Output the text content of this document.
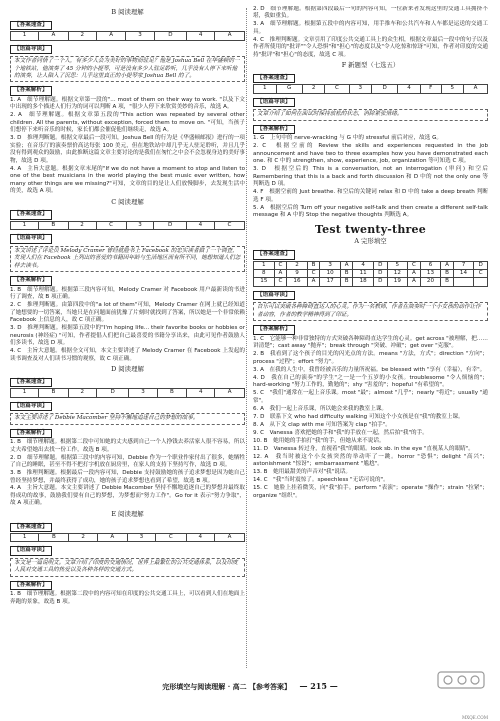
B 阅读理解
【答案速查】
1	A	2	A	3	D	4	A
【语篇导读】
本文作者同情了一个人，有多少人会为美好的事物而驻足？他是 Joshua Bell 在华盛顿的一个地铁站，他演奏了 45 分钟的小提琴，可是没有多少人驻足聆听，几乎没有人停下来听他的演奏，让人陷入了沉思：几乎这里真正的小提琴家 Joshua Bell 的了。
【答案解析】
1. A　细节理解题。根据文章第一段的"... most of them on their way to work. "以及下文中出现的多个描述人们行为的词可以判断 A 项，"很少人停下来欣赏美妙的音乐，故选 A。
2. A　细节理解题。根据文章第五段的"This action was repeated by several other children. All the parents, without exception, forced them to move on. "可知，当孩子们想停下来听音乐的时候，家长们都会催促他们继续走，故选 A。
3. D　推理判断题。根据文章最后一段可知，Joshua Bell 的行为是《华盛顿邮报》进行的一项实验；在音乐厅的演奏票价高达每张 100 美元，但在地铁站中却几乎无人驻足聆听，并且几乎没有得到观众的鼓励，由此推断这篇文章主要讨论的是我们在匆忙之中会不会忽视身边的美好事物，故选 D 项。
4. A　主旨大意题。根据文章末尾的"If we do not have a moment to stop and listen to one of the best musicians in the world playing the best music ever written, how many other things are we missing?"可知，文章的目的是让人们放慢脚步，去发现生活中的美，故选 A 项。
C 阅读理解
【答案速查】
1	B	2	C	3	D	4	C
【语篇导读】
本文讲述了评论员 Melody Cramer 曾经就脸书上 Facebook 的忠实读者做了一个调查，发现人们在 Facebook 上列出的喜爱的书籍因年龄与生活地区而有所不同，她想知道人们怎样去读书。
【答案解析】
1. B　细节理解题。根据第三段内容可知，Melody Cramer 对 Facebook 用户最新读的书进行了调查，故 B 项正确。
2. C　推理判断题。由第四段中的"a lot of them"可知，Melody Cramer 在网上就已经知道了她想要的一切答案，当她只是在问题面前犹豫了片刻时就找到了答案，所以她是一个非常依赖 Facebook 上信息的人，故 C 项正确。
3. D　推理判断题。根据第五段中的"I'm hoping life... their favorite books or hobbies or neurosis (神经症) "可知，作者提倡人们把自己最喜爱的书籍分享出来，由此可见作者鼓励人们多读书，故选 D 项。
4. C　主旨大意题。根据全文可知，本文主要讲述了 Melody Cramer 在 Facebook 上发起的读书调查及对人们读书习惯的观察，故 C 项正确。
D 阅读理解
【答案速查】
1	B	2	D	3	B	4	A
【语篇导读】
本文主要讲述了 Debbie Macomber 坚持不懈地追逐自己的梦想的故事。
【答案解析】
1. B　细节理解题。根据第二段中可知她的丈夫感到自己一个人挣钱去养活家人很不容易，所以丈夫希望她出去找一份工作，故选 B 项。
2. D　细节理解题。根据第三段中的内容可知，Debbie 作为一个职业作家付出了很多，她牺牲了自己的睡眠，甚至不得不把打字机放在厨房里，在家人的支持下坚持写作，故选 D 项。
3. B　推理判断题。根据最后一段内容可知，Debbie 支持鼓励她的孩子追求梦想是因为她自己曾经坚持梦想，并最终获得了成功，她的孩子追求梦想也看到了希望，故选 B 项。
4. A　主旨大意题。本文主要讲述了 Debbie Macomber 坚持不懈地追逐自己的梦想并最终取得成功的故事，鼓励我们要有自己的梦想，为梦想而"努力工作"。Go for it 表示"努力争取"，故 A 项正确。
E 阅读理解
【答案速查】
1	B	2	A	3	C	4	A
【语篇导读】
本文是一篇说明文。文章介绍了印度的交通情况，世界上最繁忙的公共交通体系，以及印度人民对交通工具的热爱以及各种各样的交通方式。
【答案解析】
1. B　细节理解题。根据第二段中的内容可知在印度的公共交通工具上，可以看到人们在地面上奔跑的景象，故选 B 项。
2. D　细节理解题。根据第四段最后一句的内容可知，一位新来者发现这里的交通工具拥挤不堪，我如重负。
3. A　细节理解题。根据第五段中的内容可知，用手推车和公共汽车和人车都是运送的交通工具。
4. C　推理判断题。文章引用了印度公共交通工具上的众生相，根据文章最后一段中的句子以及作者所使用的"批评""令人恐惧"和"担心"的态度以及"令人吃惊和惊讶"可知，作者对印度的交通持"批评"和"担心"的态度，故选 C 项。
F 新题型（七选五）
【答案速查】
1	G	2	C	3	D	4	F	5	A
【语篇导读】
文章介绍了如何在面试时保持放松的状态，消除紧张情绪。
【答案解析】
1. G　上句中的 nerve-wracking 与 G 中的 stressful 前后对应，故选 G。
2. C　根据空前的 Review the skills and experiences requested in the job announcement and have two to three examples how you have demonstrated each one. 和 C 中的 strengthen, show, experience, job, organization 等可知选 C 项。
3. D　根据空后的 This is a conversation, not an interrogation (审问) 和空后 Remembering that this is a back and forth discussion 和 D 中的 not the only one 等判断选 D 项。
4. F　根据空前的 Just breathe. 和空后的关键词 relax 和 D 中的 take a deep breath 判断选 F 项。
5. A　根据空后的 Turn off your negative self-talk and then create a different self-talk message 和 A 中的 Stop the negative thoughts 判断选 A。
Test twenty-three
A 完形填空
【答案速查】
1	C	2	B	3	A	4	D	5	C	6	A	7	D
8	A	9	C	10	B	11	D	12	A	13	B	14	C
15	C	16	A	17	B	18	D	19	A	20	B		
【语篇导读】
音乐可以突破各种障碍直达人的心灵。作为一名教师，作者在演奏时一个小女孩的动作让作者动容，作者的教学精神得到了印证。
【答案解析】
1. C　它能够一种非常独特的方式突破各种障碍直达学生的心灵。get across "被理解，把……讲清楚"；cast away "抛弃"；break through "突破、冲破"；get over "克服"。
2. B　我看到了这个孩子的目光的闪光点的方法。means "方法，方式"；direction "方向"；process "过程"；effort "努力"。
3. A　在我的人生中，我曾经被音乐的力量所祝福。be blessed with "享有（幸福），有幸"。
4. D　我在自己的演奏"的学生"之一是一个五岁的小女孩。troublesome "令人烦恼的"；hard-working "努力工作的，勤勉的"；shy "害羞的"；hopeful "有希望的"。
5. C　"我们"通常在一起上音乐课。most "最"；almost "几乎"；nearly "将近"；usually "通常"。
6. A　我们一起上音乐课，所以她会来我的教室上课。
7. D　联系下文 who had difficulty walking 可知这个小女孩是在"我"的教室上课。
8. A　从下文 clap with me 可知答案为 clap "拍手"。
9. C　Vanessa 喜欢把她的手和"我"的手放在一起，然后拍"我"的手。
10. B　她用她的手拍打"我"的手，但她从来不说话。
11. D　Vanessa 转过身，直视着"我"的眼睛。look sb. in the eye "直视某人的眼睛"。
12. A　我当时被这个小女孩突然的举动吓了一跳。horror "恐惧"；delight "高兴"；astonishment "惊讶"；embarrassment "尴尬"。
13. B　她用最甜美的声音对"我"说话。
14. C　"我"当时震惊了。speechless "无话可说的"。
15. C　她脸上挂着微笑，向"我"拍手。perform "表演"；operate "操作"；strain "拉紧"；organize "组织"。
完形填空与阅读理解 · 高二 【参考答案】 — 215 —
MXQE.COM
